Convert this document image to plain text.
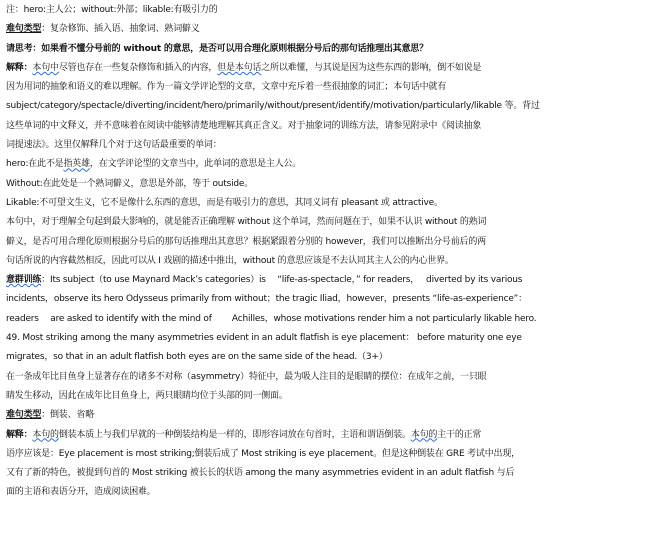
注：hero:主人公；without:外部；likable:有吸引力的
难句类型：复杂修饰、插入语、抽象词、熟词僻义
请思考：如果看不懂分号前的 without 的意思，是否可以用合理化原则根据分号后的那句话推理出其意思？
解释：本句中尽管也存在一些复杂修饰和插入的内容，但是本句话之所以难懂，与其说是因为这些东西的影响，倒不如说是
因为用词的抽象和语义的难以理解。作为一篇文学评论型的文章，文章中充斥着一些很抽象的词汇；本句话中就有
subject/category/spectacle/diverting/incident/hero/primarily/without/present/identify/motivation/particularly/likable 等。背过
这些单词的中文释义，并不意味着在阅读中能够清楚地理解其真正含义。对于抽象词的训练方法，请参见附录中《阅读抽象
词提速法》。这里仅解释几个对于这句话最重要的单词：
hero:在此不是指英雄，在文学评论型的文章当中，此单词的意思是主人公。
Without:在此处是一个熟词僻义，意思是外部，等于 outside。
Likable:不可望文生义，它不是像什么东西的意思，而是有吸引力的意思，其同义词有 pleasant 或 attractive。
本句中，对于理解全句起到最大影响的，就是能否正确理解 without 这个单词，然而问题在于，如果不认识 without 的熟词
僻义，是否可用合理化原则根据分号后的那句话推理出其意思？根据紧跟着分别的 however，我们可以推断出分号前后的两
句话所说的内容截然相反，因此可以从 I 戏剧的描述中推出，without 的意思应该是不去认同其主人公的内心世界。
意群训练：Its subject（to use Maynard Mack’s categories）is　 “life-as-spectacle，” for readers，　 diverted by its various
incidents，observe its hero Odysseus primarily from without；the tragic Iliad，however，presents “life-as-experience”：
readers　 are asked to identify with the mind of　　 Achilles，whose motivations render him a not particularly likable hero.
49. Most striking among the many asymmetries evident in an adult flatfish is eye placement： before maturity one eye
migrates，so that in an adult flatfish both eyes are on the same side of the head.（3+）
在一条成年比目鱼身上显著存在的诸多不对称（asymmetry）特征中，最为吸人注目的是眼睛的摆位：在成年之前，一只眼
睛发生移动，因此在成年比目鱼身上，两只眼睛均位于头部的同一侧面。
难句类型：倒装、省略
解释：本句的倒装本质上与我们早就的一种倒装结构是一样的，即形容词放在句首时，主语和谓语倒装。本句的主干的正常
语序应该是：Eye placement is most striking;倒装后成了 Most striking is eye placement。但是这种倒装在 GRE 考试中出现，
又有了新的特色，被提到句首的 Most striking 被长长的状语 among the many asymmetries evident in an adult flatfish 与后
面的主语和表语分开，造成阅读困难。
